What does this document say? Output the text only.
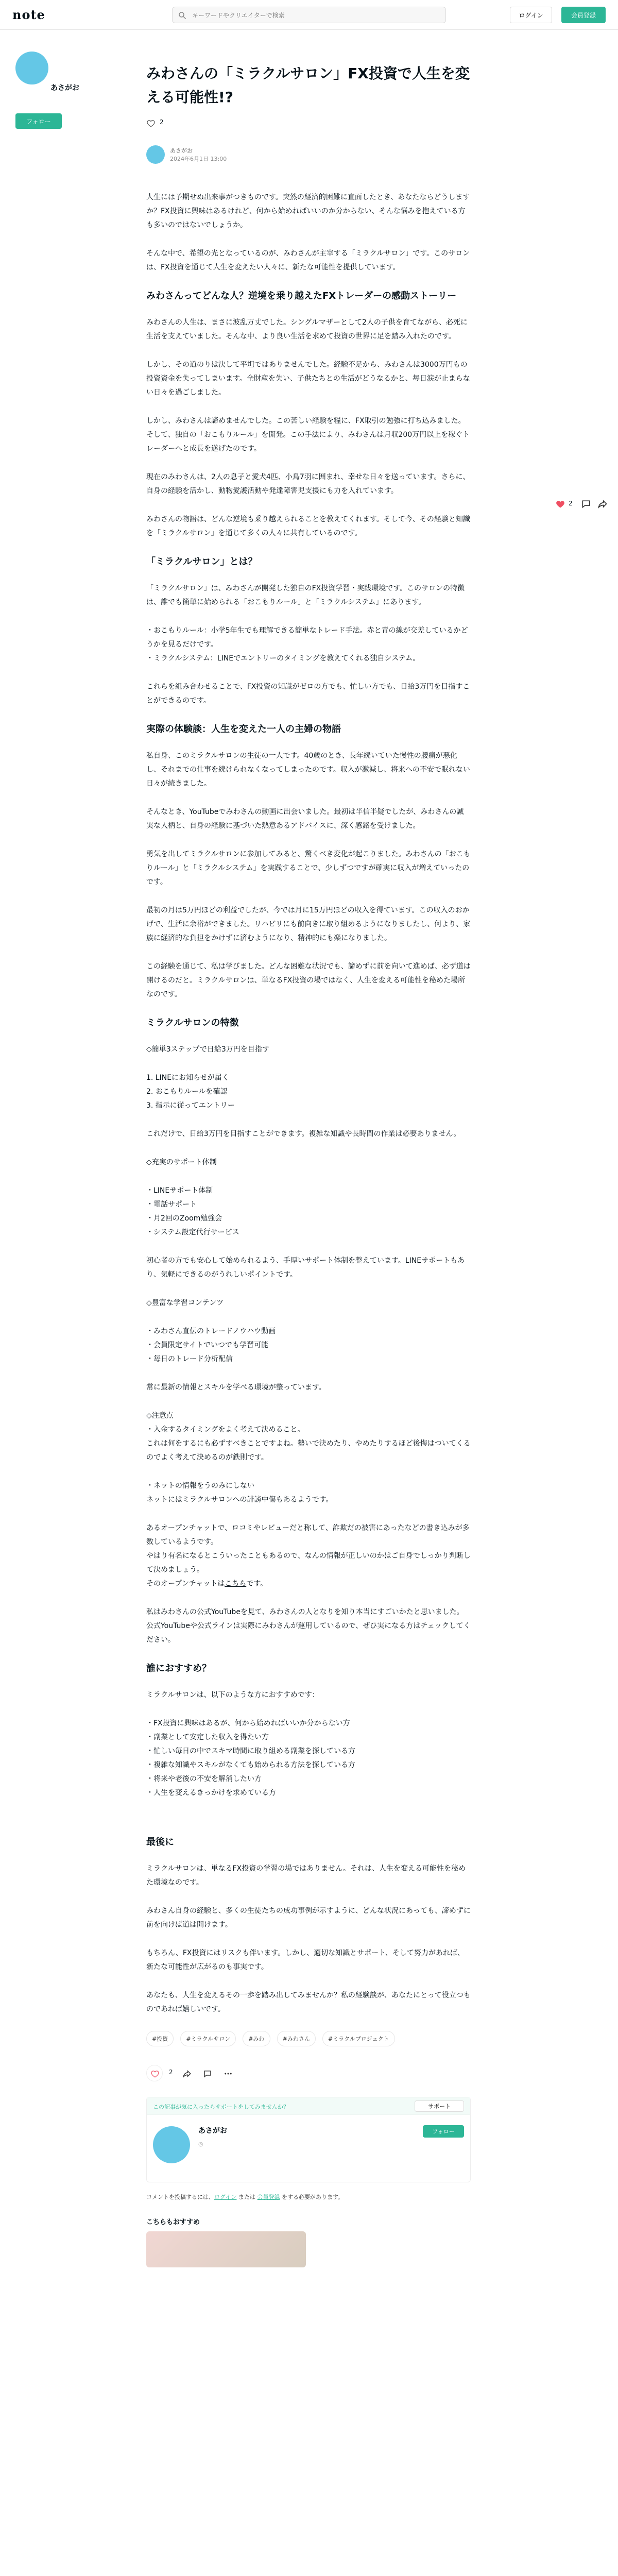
note
キーワードやクリエイターで検索	ログイン	会員登録
あさがお
フォロー
2
みわさんの「ミラクルサロン」FX投資で人生を変える可能性!?
2
あさがお
2024年6月1日 13:00

人生には予期せぬ出来事がつきものです。突然の経済的困難に直面したとき、あなたならどうしますか？FX投資に興味はあるけれど、何から始めればいいのか分からない、そんな悩みを抱えている方も多いのではないでしょうか。

そんな中で、希望の光となっているのが、みわさんが主宰する「ミラクルサロン」です。このサロンは、FX投資を通じて人生を変えたい人々に、新たな可能性を提供しています。

みわさんってどんな人？逆境を乗り越えたFXトレーダーの感動ストーリー

みわさんの人生は、まさに波乱万丈でした。シングルマザーとして2人の子供を育てながら、必死に生活を支えていました。そんな中、より良い生活を求めて投資の世界に足を踏み入れたのです。

しかし、その道のりは決して平坦ではありませんでした。経験不足から、みわさんは3000万円もの投資資金を失ってしまいます。全財産を失い、子供たちとの生活がどうなるかと、毎日涙が止まらない日々を過ごしました。

しかし、みわさんは諦めませんでした。この苦しい経験を糧に、FX取引の勉強に打ち込みました。そして、独自の「おこもりルール」を開発。この手法により、みわさんは月収200万円以上を稼ぐトレーダーへと成長を遂げたのです。

現在のみわさんは、2人の息子と愛犬4匹、小鳥7羽に囲まれ、幸せな日々を送っています。さらに、自身の経験を活かし、動物愛護活動や発達障害児支援にも力を入れています。

みわさんの物語は、どんな逆境も乗り越えられることを教えてくれます。そして今、その経験と知識を「ミラクルサロン」を通じて多くの人々に共有しているのです。

「ミラクルサロン」とは？

「ミラクルサロン」は、みわさんが開発した独自のFX投資学習・実践環境です。このサロンの特徴は、誰でも簡単に始められる「おこもりルール」と「ミラクルシステム」にあります。

・おこもりルール：小学5年生でも理解できる簡単なトレード手法。赤と青の線が交差しているかどうかを見るだけです。
・ミラクルシステム：LINEでエントリーのタイミングを教えてくれる独自システム。

これらを組み合わせることで、FX投資の知識がゼロの方でも、忙しい方でも、日給3万円を目指すことができるのです。

実際の体験談：人生を変えた一人の主婦の物語

私自身、このミラクルサロンの生徒の一人です。40歳のとき、長年続いていた慢性の腰痛が悪化し、それまでの仕事を続けられなくなってしまったのです。収入が激減し、将来への不安で眠れない日々が続きました。

そんなとき、YouTubeでみわさんの動画に出会いました。最初は半信半疑でしたが、みわさんの誠実な人柄と、自身の経験に基づいた熱意あるアドバイスに、深く感銘を受けました。

勇気を出してミラクルサロンに参加してみると、驚くべき変化が起こりました。みわさんの「おこもりルール」と「ミラクルシステム」を実践することで、少しずつですが確実に収入が増えていったのです。

最初の月は5万円ほどの利益でしたが、今では月に15万円ほどの収入を得ています。この収入のおかげで、生活に余裕ができました。リハビリにも前向きに取り組めるようになりましたし、何より、家族に経済的な負担をかけずに済むようになり、精神的にも楽になりました。

この経験を通じて、私は学びました。どんな困難な状況でも、諦めずに前を向いて進めば、必ず道は開けるのだと。ミラクルサロンは、単なるFX投資の場ではなく、人生を変える可能性を秘めた場所なのです。

ミラクルサロンの特徴

◇簡単3ステップで日給3万円を目指す

1. LINEにお知らせが届く
2. おこもりルールを確認
3. 指示に従ってエントリー

これだけで、日給3万円を目指すことができます。複雑な知識や長時間の作業は必要ありません。

◇充実のサポート体制

・LINEサポート体制
・電話サポート
・月2回のZoom勉強会
・システム設定代行サービス

初心者の方でも安心して始められるよう、手厚いサポート体制を整えています。LINEサポートもあり、気軽にできるのがうれしいポイントです。

◇豊富な学習コンテンツ

・みわさん直伝のトレードノウハウ動画
・会員限定サイトでいつでも学習可能
・毎日のトレード分析配信

常に最新の情報とスキルを学べる環境が整っています。

◇注意点
・入金するタイミングをよく考えて決めること。
これは何をするにも必ずすべきことですよね。勢いで決めたり、やめたりするほど後悔はついてくるのでよく考えて決めるのが鉄則です。

・ネットの情報をうのみにしない
ネットにはミラクルサロンへの誹謗中傷もあるようです。

あるオープンチャットで、ロコミやレビューだと称して、詐欺だの被害にあったなどの書き込みが多数しているようです。
やはり有名になるとこういったこともあるので、なんの情報が正しいのかはご自身でしっかり判断して決めましょう。
そのオープンチャットはこちらです。

私はみわさんの公式YouTubeを見て、みわさんの人となりを知り本当にすごいかたと思いました。公式YouTubeや公式ラインは実際にみわさんが運用しているので、ぜひ実になる方はチェックしてください。

誰におすすめ？

ミラクルサロンは、以下のような方におすすめです：

・FX投資に興味はあるが、何から始めればいいか分からない方
・副業として安定した収入を得たい方
・忙しい毎日の中でスキマ時間に取り組める副業を探している方
・複雑な知識やスキルがなくても始められる方法を探している方
・将来や老後の不安を解消したい方
・人生を変えるきっかけを求めている方

最後に

ミラクルサロンは、単なるFX投資の学習の場ではありません。それは、人生を変える可能性を秘めた環境なのです。

みわさん自身の経験と、多くの生徒たちの成功事例が示すように、どんな状況にあっても、諦めずに前を向けば道は開けます。

もちろん、FX投資にはリスクも伴います。しかし、適切な知識とサポート、そして努力があれば、新たな可能性が広がるのも事実です。

あなたも、人生を変えるその一歩を踏み出してみませんか？私の経験談が、あなたにとって役立つものであれば嬉しいです。

#投資	#ミラクルサロン	#みわ	#みわさん	#ミラクルプロジェクト
2
この記事が気に入ったらサポートをしてみませんか？	サポート
あさがお
◎
フォロー
コメントを投稿するには、ログイン または 会員登録 をする必要があります。
こちらもおすすめ
